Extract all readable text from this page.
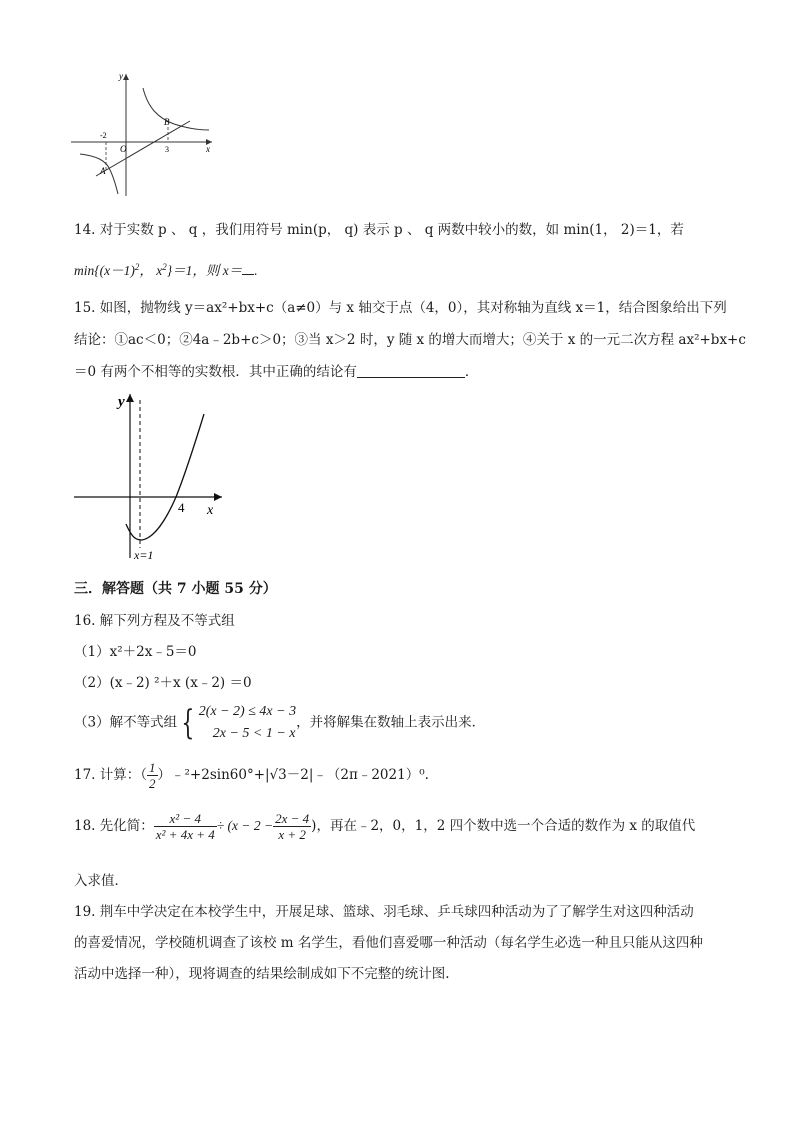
y
x
O
-2
3
A
B
14. 对于实数 p 、 q ，我们用符号 min(p， q) 表示 p 、 q 两数中较小的数，如 min(1， 2)＝1，若
$\min\{(x-1)^2$， $x^2\}=1$，则 x＝ .
15. 如图，抛物线 y＝ax²+bx+c（a≠0）与 x 轴交于点（4，0），其对称轴为直线 x＝1，结合图象给出下列
结论：①ac＜0；②4a﹣2b+c＞0；③当 x＞2 时，y 随 x 的增大而增大；④关于 x 的一元二次方程 ax²+bx+c
＝0 有两个不相等的实数根．其中正确的结论有	．
y
x
4
x=1
三．解答题（共 7 小题 55 分）
16. 解下列方程及不等式组
（1）x²＋2x﹣5＝0
（2）(x﹣2) ²＋x (x﹣2) ＝0
（3）解不等式组 { 2(x − 2) ≤ 4x − 3
2x − 5 < 1 − x
，并将解集在数轴上表示出来．
17. 计算：（ $\frac{1}{2}$ ）﹣²+2sin60°+|√3－2|﹣（2π﹣2021）⁰.
18. 先化简： $\frac{\text{x² − 4}}{\text{x² + 4x + 4}} \div (x - 2 - \frac{2x - 4}{x + 2}$ )，再在﹣2，0，1，2 四个数中选一个合适的数作为 x 的取值代
入求值．
19. 荆车中学决定在本校学生中，开展足球、篮球、羽毛球、乒乓球四种活动为了了解学生对这四种活动
的喜爱情况，学校随机调查了该校 m 名学生，看他们喜爱哪一种活动（每名学生必选一种且只能从这四种
活动中选择一种），现将调查的结果绘制成如下不完整的统计图.
